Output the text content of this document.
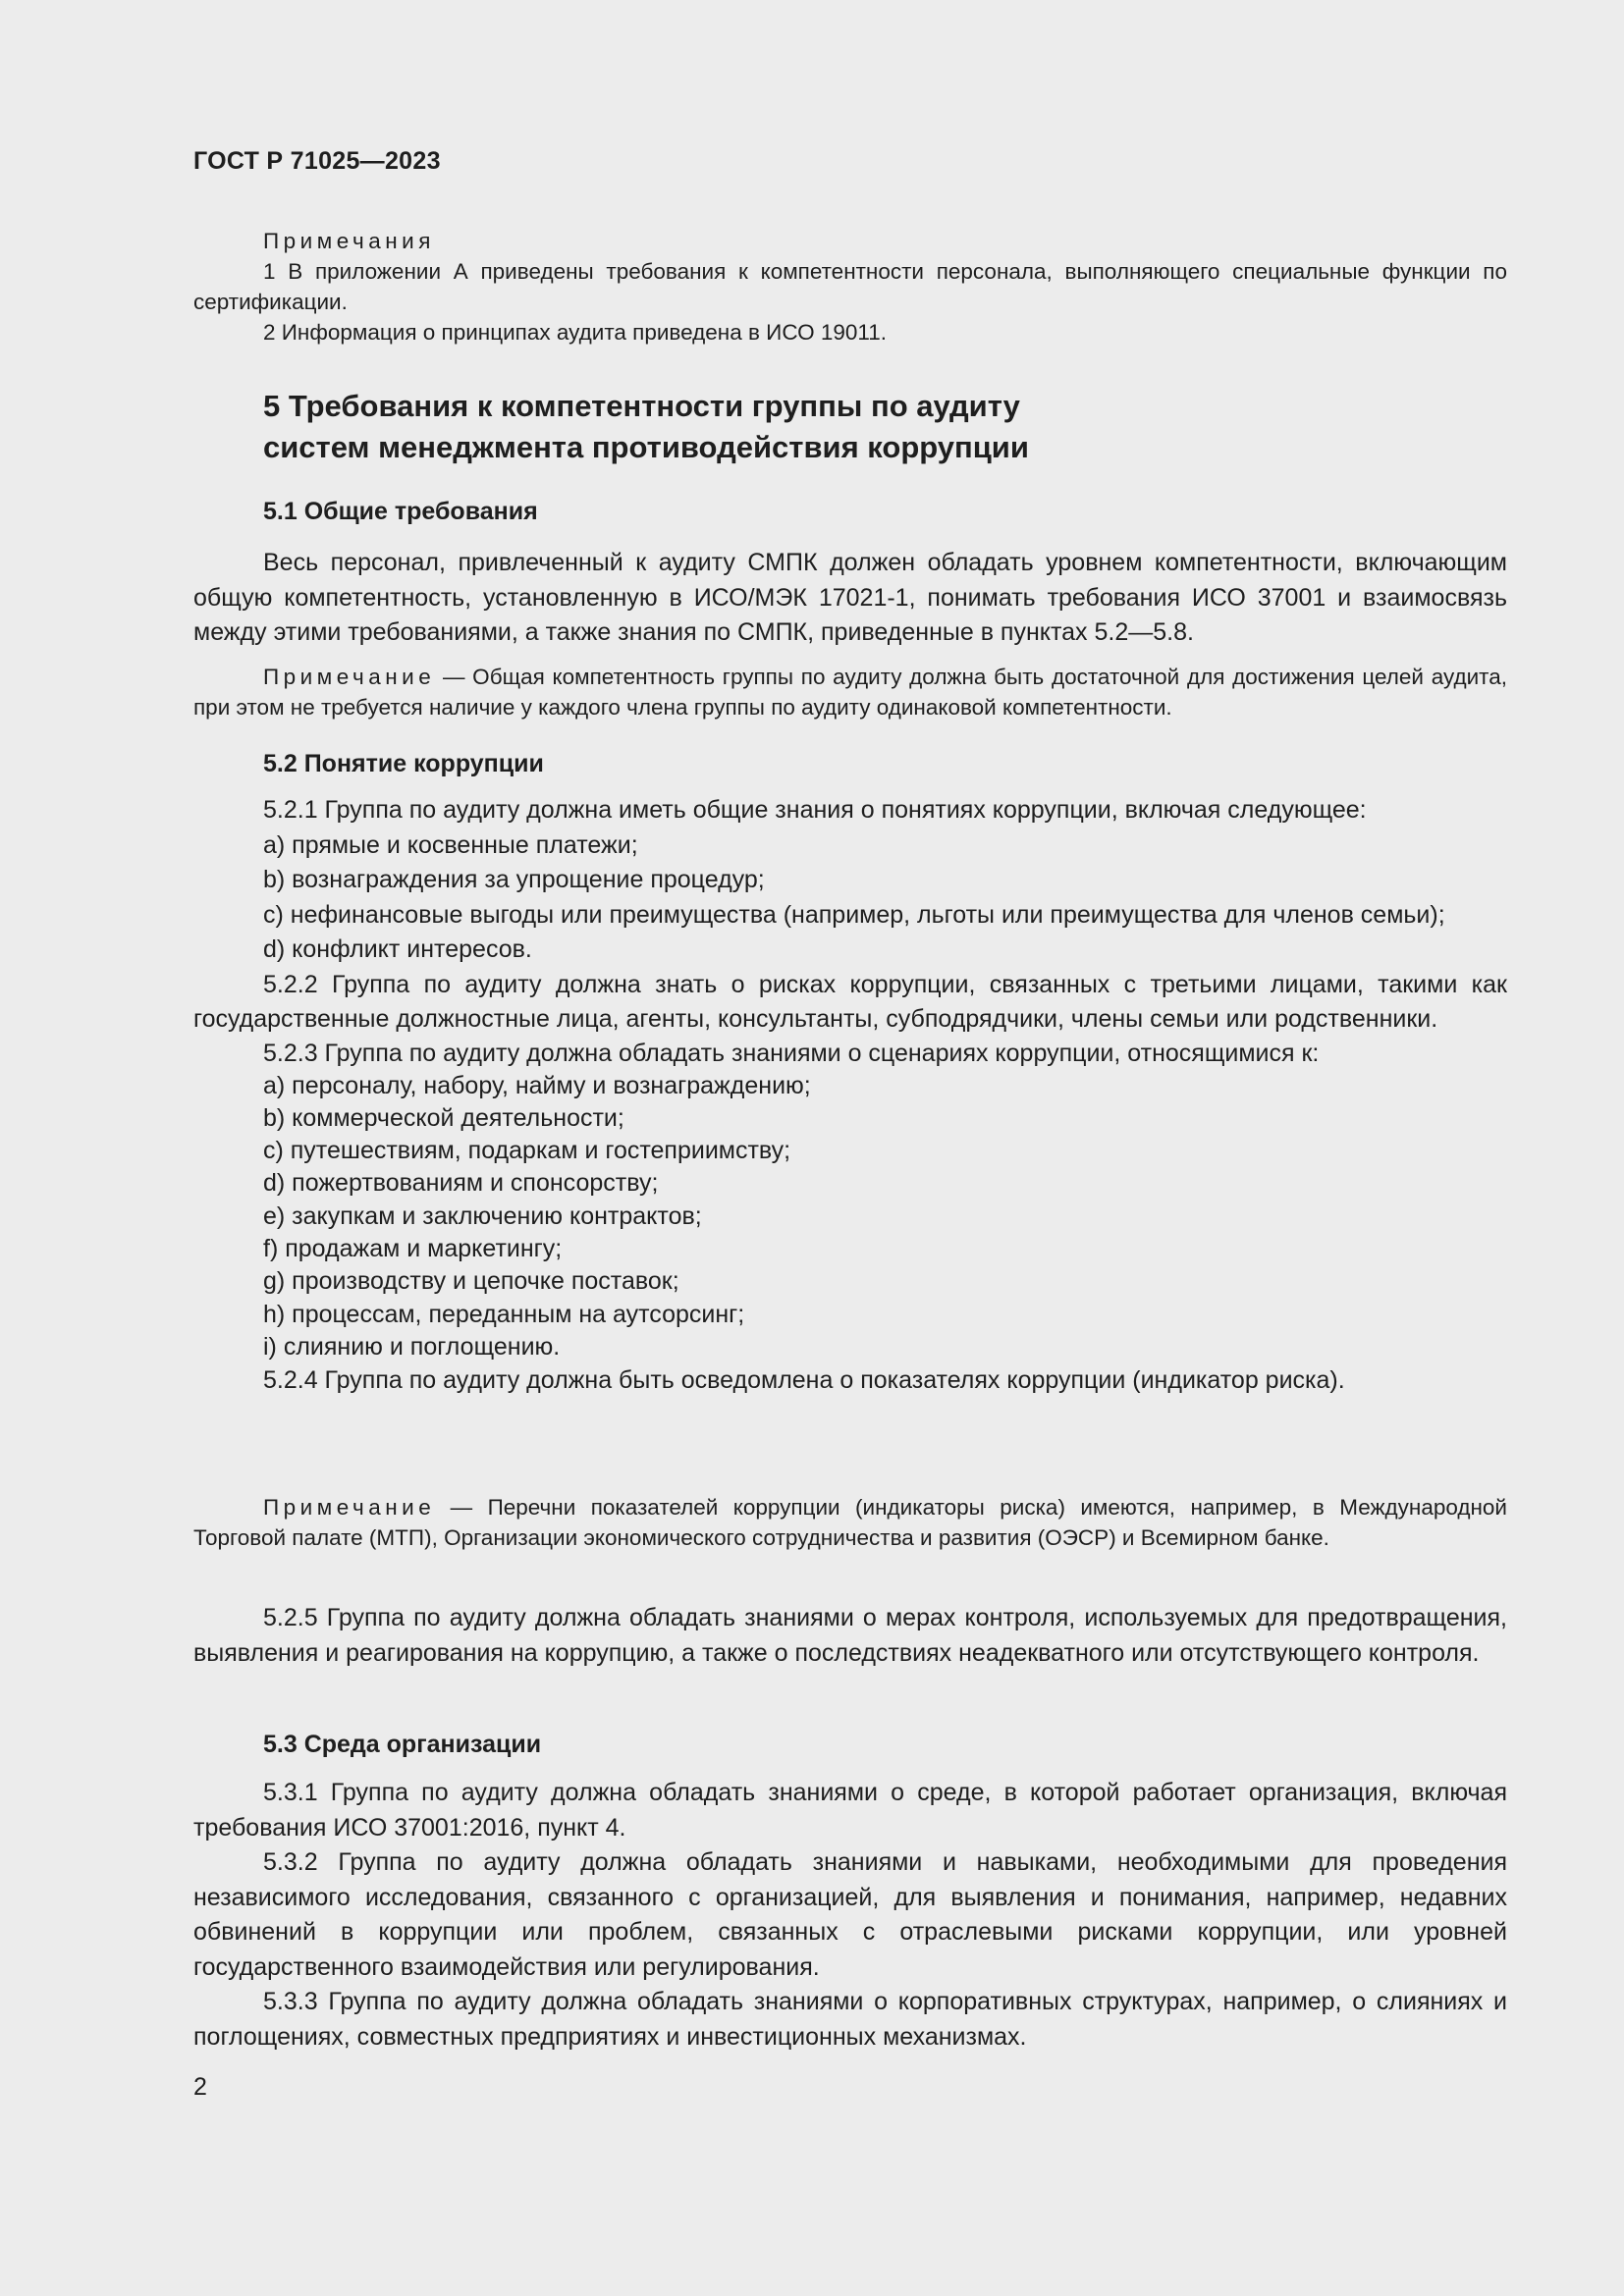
ГОСТ Р 71025—2023

Примечания

1 В приложении А приведены требования к компетентности персонала, выполняющего специальные функции по сертификации.

2 Информация о принципах аудита приведена в ИСО 19011.

5 Требования к компетентности группы по аудиту

систем менеджмента противодействия коррупции

5.1 Общие требования

Весь персонал, привлеченный к аудиту СМПК должен обладать уровнем компетентности, включающим общую компетентность, установленную в ИСО/МЭК 17021-1, понимать требования ИСО 37001 и взаимосвязь между этими требованиями, а также знания по СМПК, приведенные в пунктах 5.2—5.8.

Примечание — Общая компетентность группы по аудиту должна быть достаточной для достижения целей аудита, при этом не требуется наличие у каждого члена группы по аудиту одинаковой компетентности.

5.2 Понятие коррупции

5.2.1 Группа по аудиту должна иметь общие знания о понятиях коррупции, включая следующее:

a) прямые и косвенные платежи;

b) вознаграждения за упрощение процедур;

c) нефинансовые выгоды или преимущества (например, льготы или преимущества для членов семьи);

d) конфликт интересов.

5.2.2 Группа по аудиту должна знать о рисках коррупции, связанных с третьими лицами, такими как государственные должностные лица, агенты, консультанты, субподрядчики, члены семьи или родственники.

5.2.3 Группа по аудиту должна обладать знаниями о сценариях коррупции, относящимися к:

a) персоналу, набору, найму и вознаграждению;

b) коммерческой деятельности;

c) путешествиям, подаркам и гостеприимству;

d) пожертвованиям и спонсорству;

e) закупкам и заключению контрактов;

f) продажам и маркетингу;

g) производству и цепочке поставок;

h) процессам, переданным на аутсорсинг;

i) слиянию и поглощению.

5.2.4 Группа по аудиту должна быть осведомлена о показателях коррупции (индикатор риска).

Примечание — Перечни показателей коррупции (индикаторы риска) имеются, например, в Международной Торговой палате (МТП), Организации экономического сотрудничества и развития (ОЭСР) и Всемирном банке.

5.2.5 Группа по аудиту должна обладать знаниями о мерах контроля, используемых для предотвращения, выявления и реагирования на коррупцию, а также о последствиях неадекватного или отсутствующего контроля.

5.3 Среда организации

5.3.1 Группа по аудиту должна обладать знаниями о среде, в которой работает организация, включая требования ИСО 37001:2016, пункт 4.

5.3.2 Группа по аудиту должна обладать знаниями и навыками, необходимыми для проведения независимого исследования, связанного с организацией, для выявления и понимания, например, недавних обвинений в коррупции или проблем, связанных с отраслевыми рисками коррупции, или уровней государственного взаимодействия или регулирования.

5.3.3 Группа по аудиту должна обладать знаниями о корпоративных структурах, например, о слияниях и поглощениях, совместных предприятиях и инвестиционных механизмах.

2
